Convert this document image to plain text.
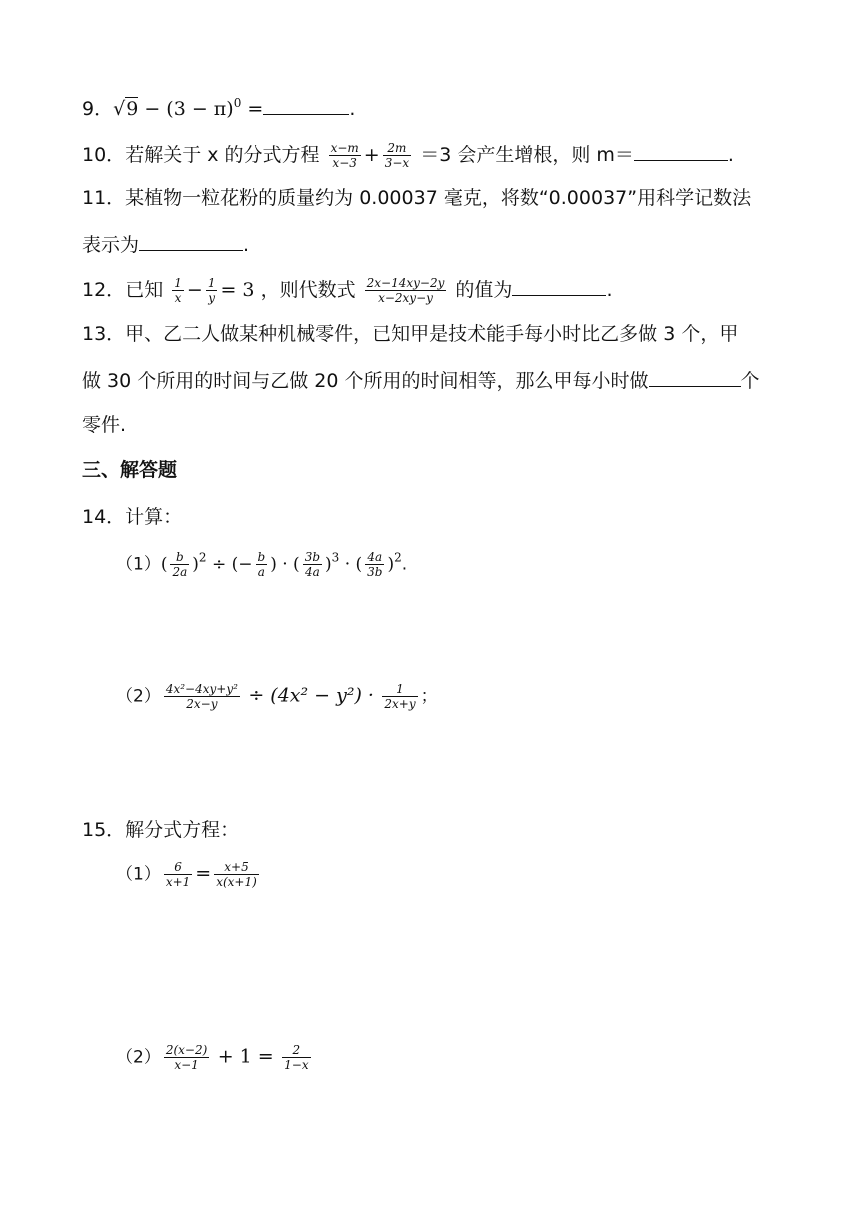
9．$√9 - (3 - \pi)^0$ =	.
10．若解关于 x 的分式方程 $\frac{x-m}{x-3} + \frac{2m}{3-x} =3$ 会产生增根，则 m＝	.
11．某植物一粒花粉的质量约为 0.00037 毫克，将数“0.00037”用科学记数法
表示为	.
12．已知 $\frac{1}{x} - \frac{1}{y} = 3$ ，则代数式 $\frac{2x-14xy-2y}{x-2xy-y}$ 的值为	.
13．甲、乙二人做某种机械零件，已知甲是技术能手每小时比乙多做 3 个，甲
做 30 个所用的时间与乙做 20 个所用的时间相等，那么甲每小时做	个
零件.
三、解答题
14．计算：
$(1)( \frac{b}{2a} )^2$ ÷ (− $\frac{b}{a}$ ) · ( $\frac{3b}{4a} )^3$ · ( $\frac{4a}{3b} )^2$.
$(2) \frac{\text{4x²−4xy+y²}}{2x-y} \div (4x^2 - y^2) \cdot \frac{1}{2x+y}$ ；
15．解分式方程：
$(1) \frac{6}{x+1} = \frac{x+5}{x(x+1)}$
$(2) \frac{2(x-2)}{x-1} + 1 = \frac{2}{1-x}$
